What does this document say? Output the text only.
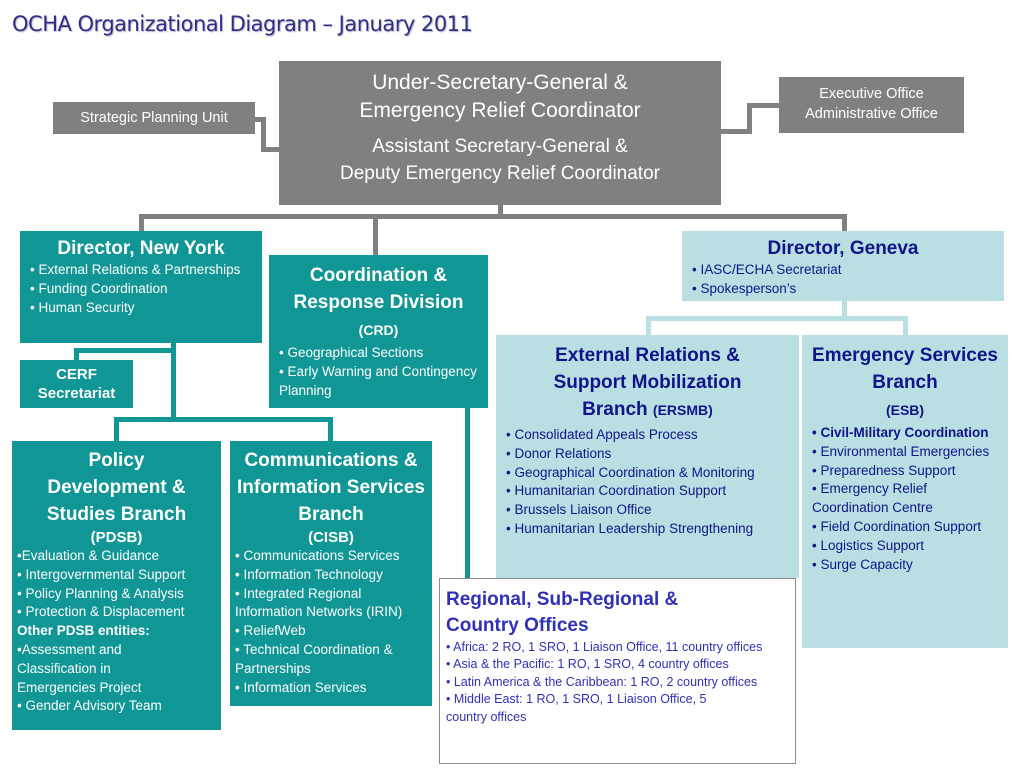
OCHA Organizational Diagram – January 2011
Under-Secretary-General &
Emergency Relief Coordinator
Assistant Secretary-General &
Deputy Emergency Relief Coordinator
Strategic Planning Unit
Executive Office
Administrative Office
Director, New York
• External Relations & Partnerships
• Funding Coordination
• Human Security
CERF
Secretariat
Coordination & Response Division (CRD)
• Geographical Sections
• Early Warning and Contingency Planning
Director, Geneva
• IASC/ECHA Secretariat
• Spokesperson’s
External Relations & Support Mobilization Branch (ERSMB)
• Consolidated Appeals Process
• Donor Relations
• Geographical Coordination & Monitoring
• Humanitarian Coordination Support
• Brussels Liaison Office
• Humanitarian Leadership Strengthening
Emergency Services Branch
(ESB)
• Civil-Military Coordination
• Environmental Emergencies
• Preparedness Support
• Emergency Relief Coordination Centre
• Field Coordination Support
• Logistics Support
• Surge Capacity
Policy Development & Studies Branch
(PDSB)
•Evaluation & Guidance
• Intergovernmental Support
• Policy Planning & Analysis
• Protection & Displacement
Other PDSB entities:
•Assessment and Classification in Emergencies Project
• Gender Advisory Team
Communications & Information Services Branch
(CISB)
• Communications Services
• Information Technology
• Integrated Regional Information Networks (IRIN)
• ReliefWeb
• Technical Coordination & Partnerships
• Information Services
Regional, Sub-Regional & Country Offices
• Africa: 2 RO, 1 SRO, 1 Liaison Office, 11 country offices
• Asia & the Pacific: 1 RO, 1 SRO, 4 country offices
• Latin America & the Caribbean: 1 RO, 2 country offices
• Middle East: 1 RO, 1 SRO, 1 Liaison Office, 5 country offices
